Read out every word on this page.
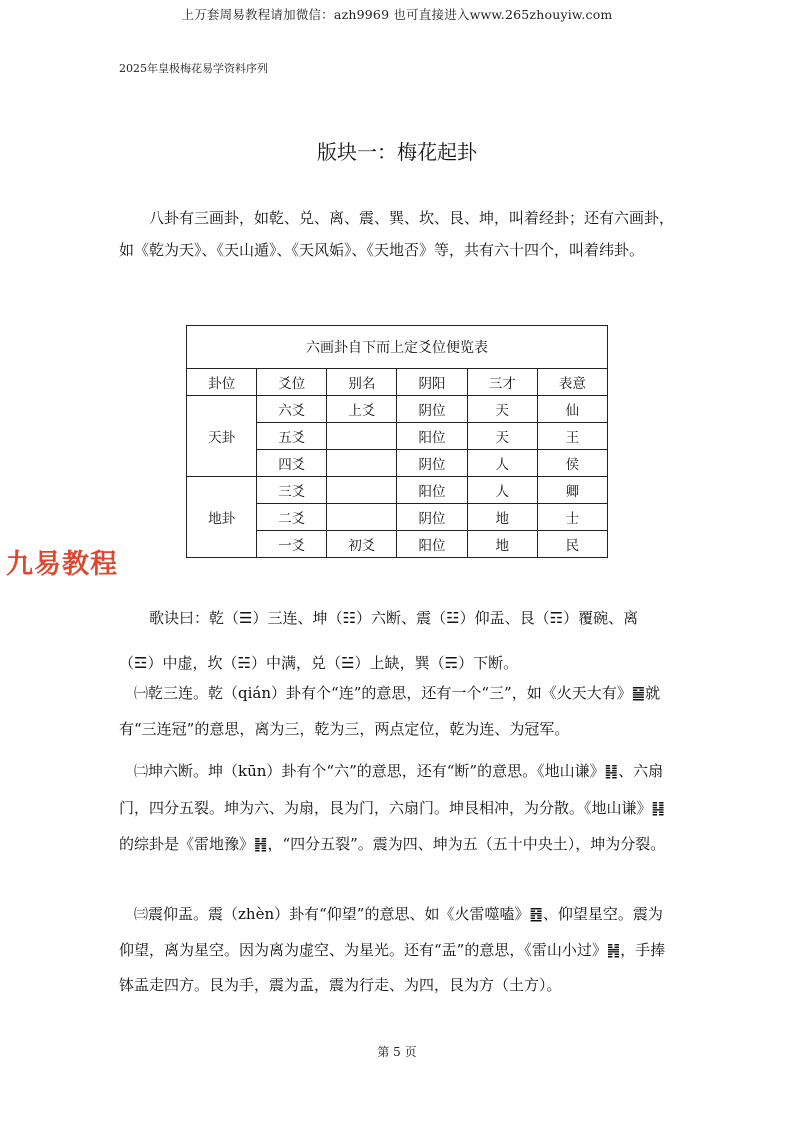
上万套周易教程请加微信：azh9969 也可直接进入www.265zhouyiw.com
2025年皇极梅花易学资料序列
版块一：梅花起卦

八卦有三画卦，如乾、兑、离、震、巽、坎、艮、坤，叫着经卦；还有六画卦，如《乾为天》、《天山遁》、《天风姤》、《天地否》等，共有六十四个，叫着纬卦。

六画卦自下而上定爻位便览表					
卦位	爻位	别名	阴阳	三才	表意
天卦	六爻	上爻	阴位	天	仙
	五爻		阳位	天	王
	四爻		阴位	人	侯
地卦	三爻		阳位	人	卿
	二爻		阴位	地	士
	一爻	初爻	阳位	地	民
九易教程

歌诀曰：乾（☰）三连、坤（☷）六断、震（☳）仰盂、艮（☶）覆碗、离（☲）中虚，坎（☵）中满，兑（☱）上缺，巽（☴）下断。

　㈠乾三连。乾（qián）卦有个“连”的意思，还有一个“三”，如《火天大有》䷍就有“三连冠”的意思，离为三，乾为三，两点定位，乾为连、为冠军。

　㈡坤六断。坤（kūn）卦有个“六”的意思，还有“断”的意思。《地山谦》䷎、六扇门，四分五裂。坤为六、为扇，艮为门，六扇门。坤艮相冲，为分散。《地山谦》䷎的综卦是《雷地豫》䷏，“四分五裂”。震为四、坤为五（五十中央土），坤为分裂。

　㈢震仰盂。震（zhèn）卦有“仰望”的意思、如《火雷噬嗑》䷔、仰望星空。震为仰望，离为星空。因为离为虚空、为星光。还有“盂”的意思，《雷山小过》䷽，手捧钵盂走四方。艮为手，震为盂，震为行走、为四，艮为方（土方）。

第 5 页
